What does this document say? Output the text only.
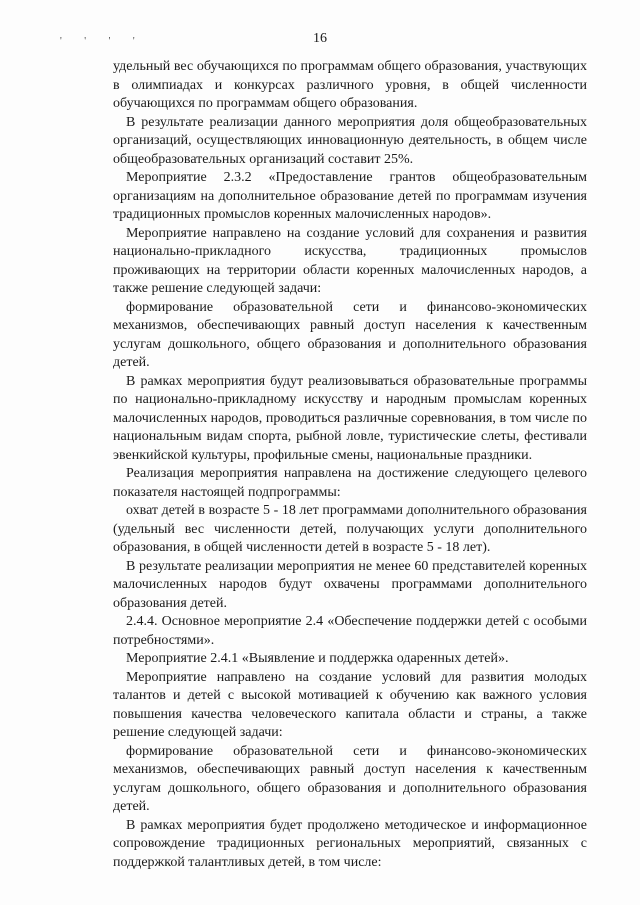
' ' ' '	16

удельный вес обучающихся по программам общего образования, участвующих в олимпиадах и конкурсах различного уровня, в общей численности обучающихся по программам общего образования.

В результате реализации данного мероприятия доля общеобразовательных организаций, осуществляющих инновационную деятельность, в общем числе общеобразовательных организаций составит 25%.

Мероприятие 2.3.2 «Предоставление грантов общеобразовательным организациям на дополнительное образование детей по программам изучения традиционных промыслов коренных малочисленных народов».

Мероприятие направлено на создание условий для сохранения и развития национально-прикладного искусства, традиционных промыслов проживающих на территории области коренных малочисленных народов, а также решение следующей задачи:

формирование образовательной сети и финансово-экономических механизмов, обеспечивающих равный доступ населения к качественным услугам дошкольного, общего образования и дополнительного образования детей.

В рамках мероприятия будут реализовываться образовательные программы по национально-прикладному искусству и народным промыслам коренных малочисленных народов, проводиться различные соревнования, в том числе по национальным видам спорта, рыбной ловле, туристические слеты, фестивали эвенкийской культуры, профильные смены, национальные праздники.

Реализация мероприятия направлена на достижение следующего целевого показателя настоящей подпрограммы:

охват детей в возрасте 5 - 18 лет программами дополнительного образования (удельный вес численности детей, получающих услуги дополнительного образования, в общей численности детей в возрасте 5 - 18 лет).

В результате реализации мероприятия не менее 60 представителей коренных малочисленных народов будут охвачены программами дополнительного образования детей.

2.4.4. Основное мероприятие 2.4 «Обеспечение поддержки детей с особыми потребностями».

Мероприятие 2.4.1 «Выявление и поддержка одаренных детей».

Мероприятие направлено на создание условий для развития молодых талантов и детей с высокой мотивацией к обучению как важного условия повышения качества человеческого капитала области и страны, а также решение следующей задачи:

формирование образовательной сети и финансово-экономических механизмов, обеспечивающих равный доступ населения к качественным услугам дошкольного, общего образования и дополнительного образования детей.

В рамках мероприятия будет продолжено методическое и информационное сопровождение традиционных региональных мероприятий, связанных с поддержкой талантливых детей, в том числе:
